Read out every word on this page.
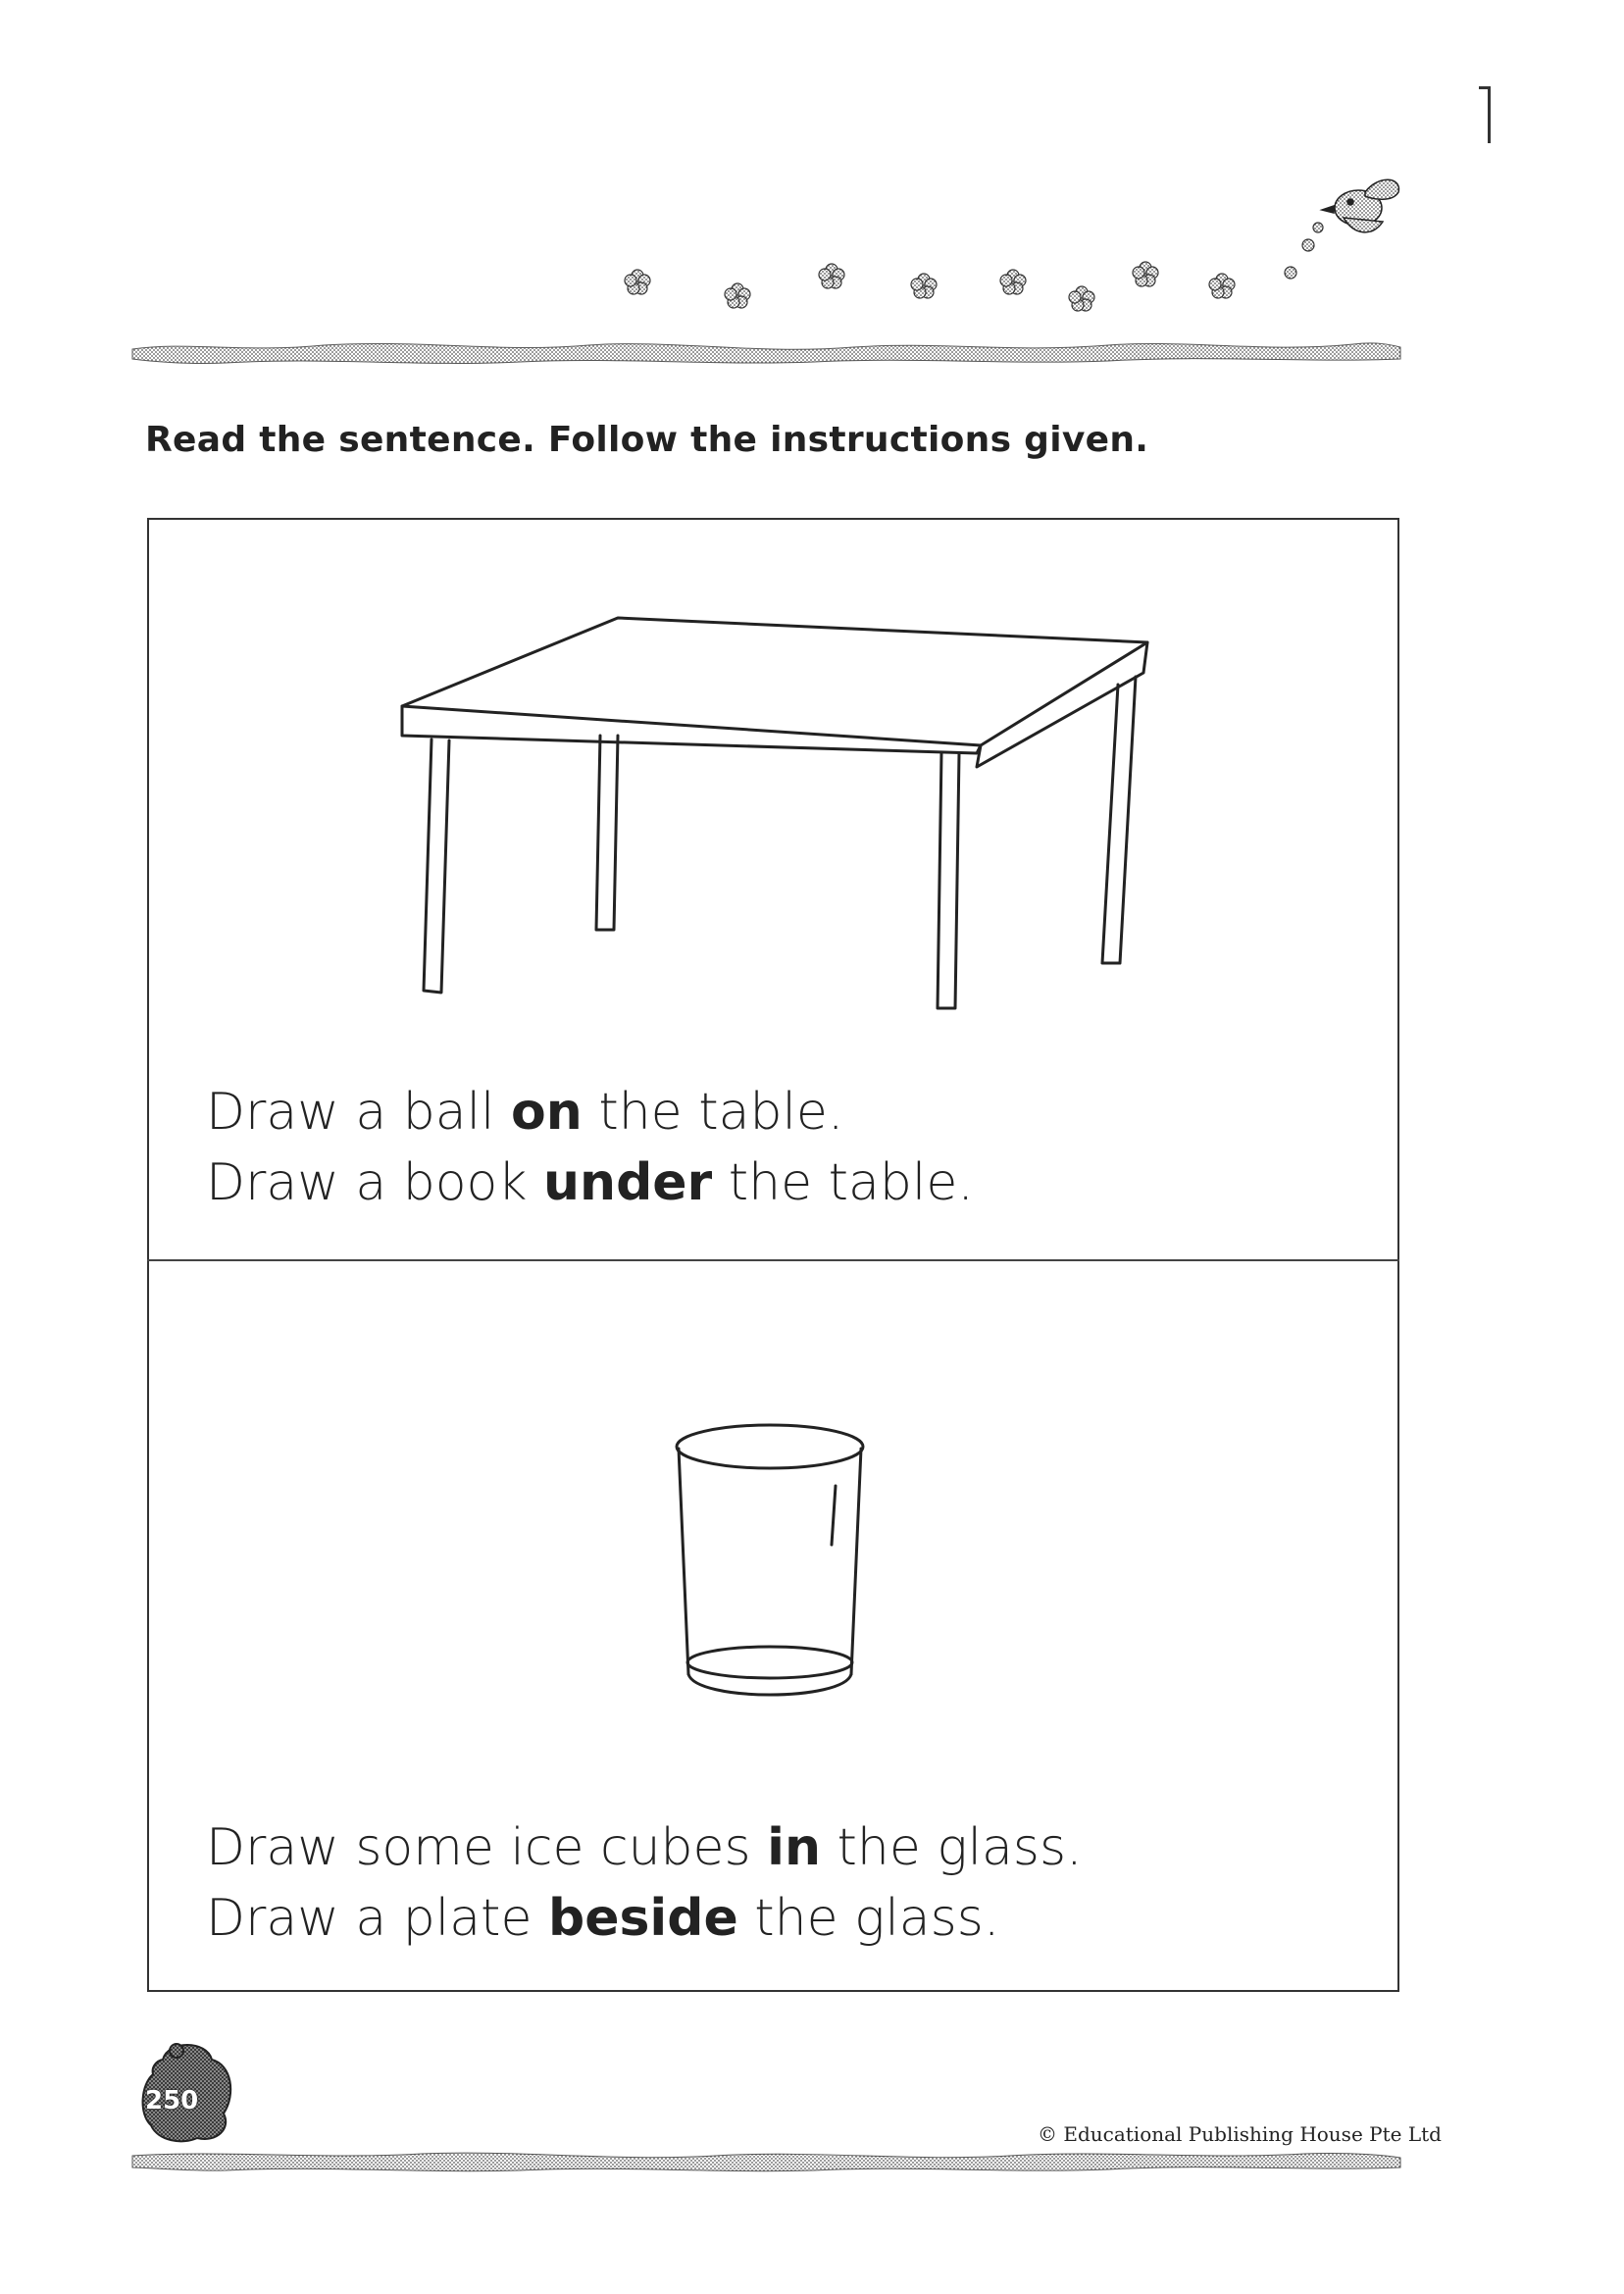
Read the sentence. Follow the instructions given.
Draw a ball on the table.
Draw a book under the table.
Draw some ice cubes in the glass.
Draw a plate beside the glass.
250
© Educational Publishing House Pte Ltd
